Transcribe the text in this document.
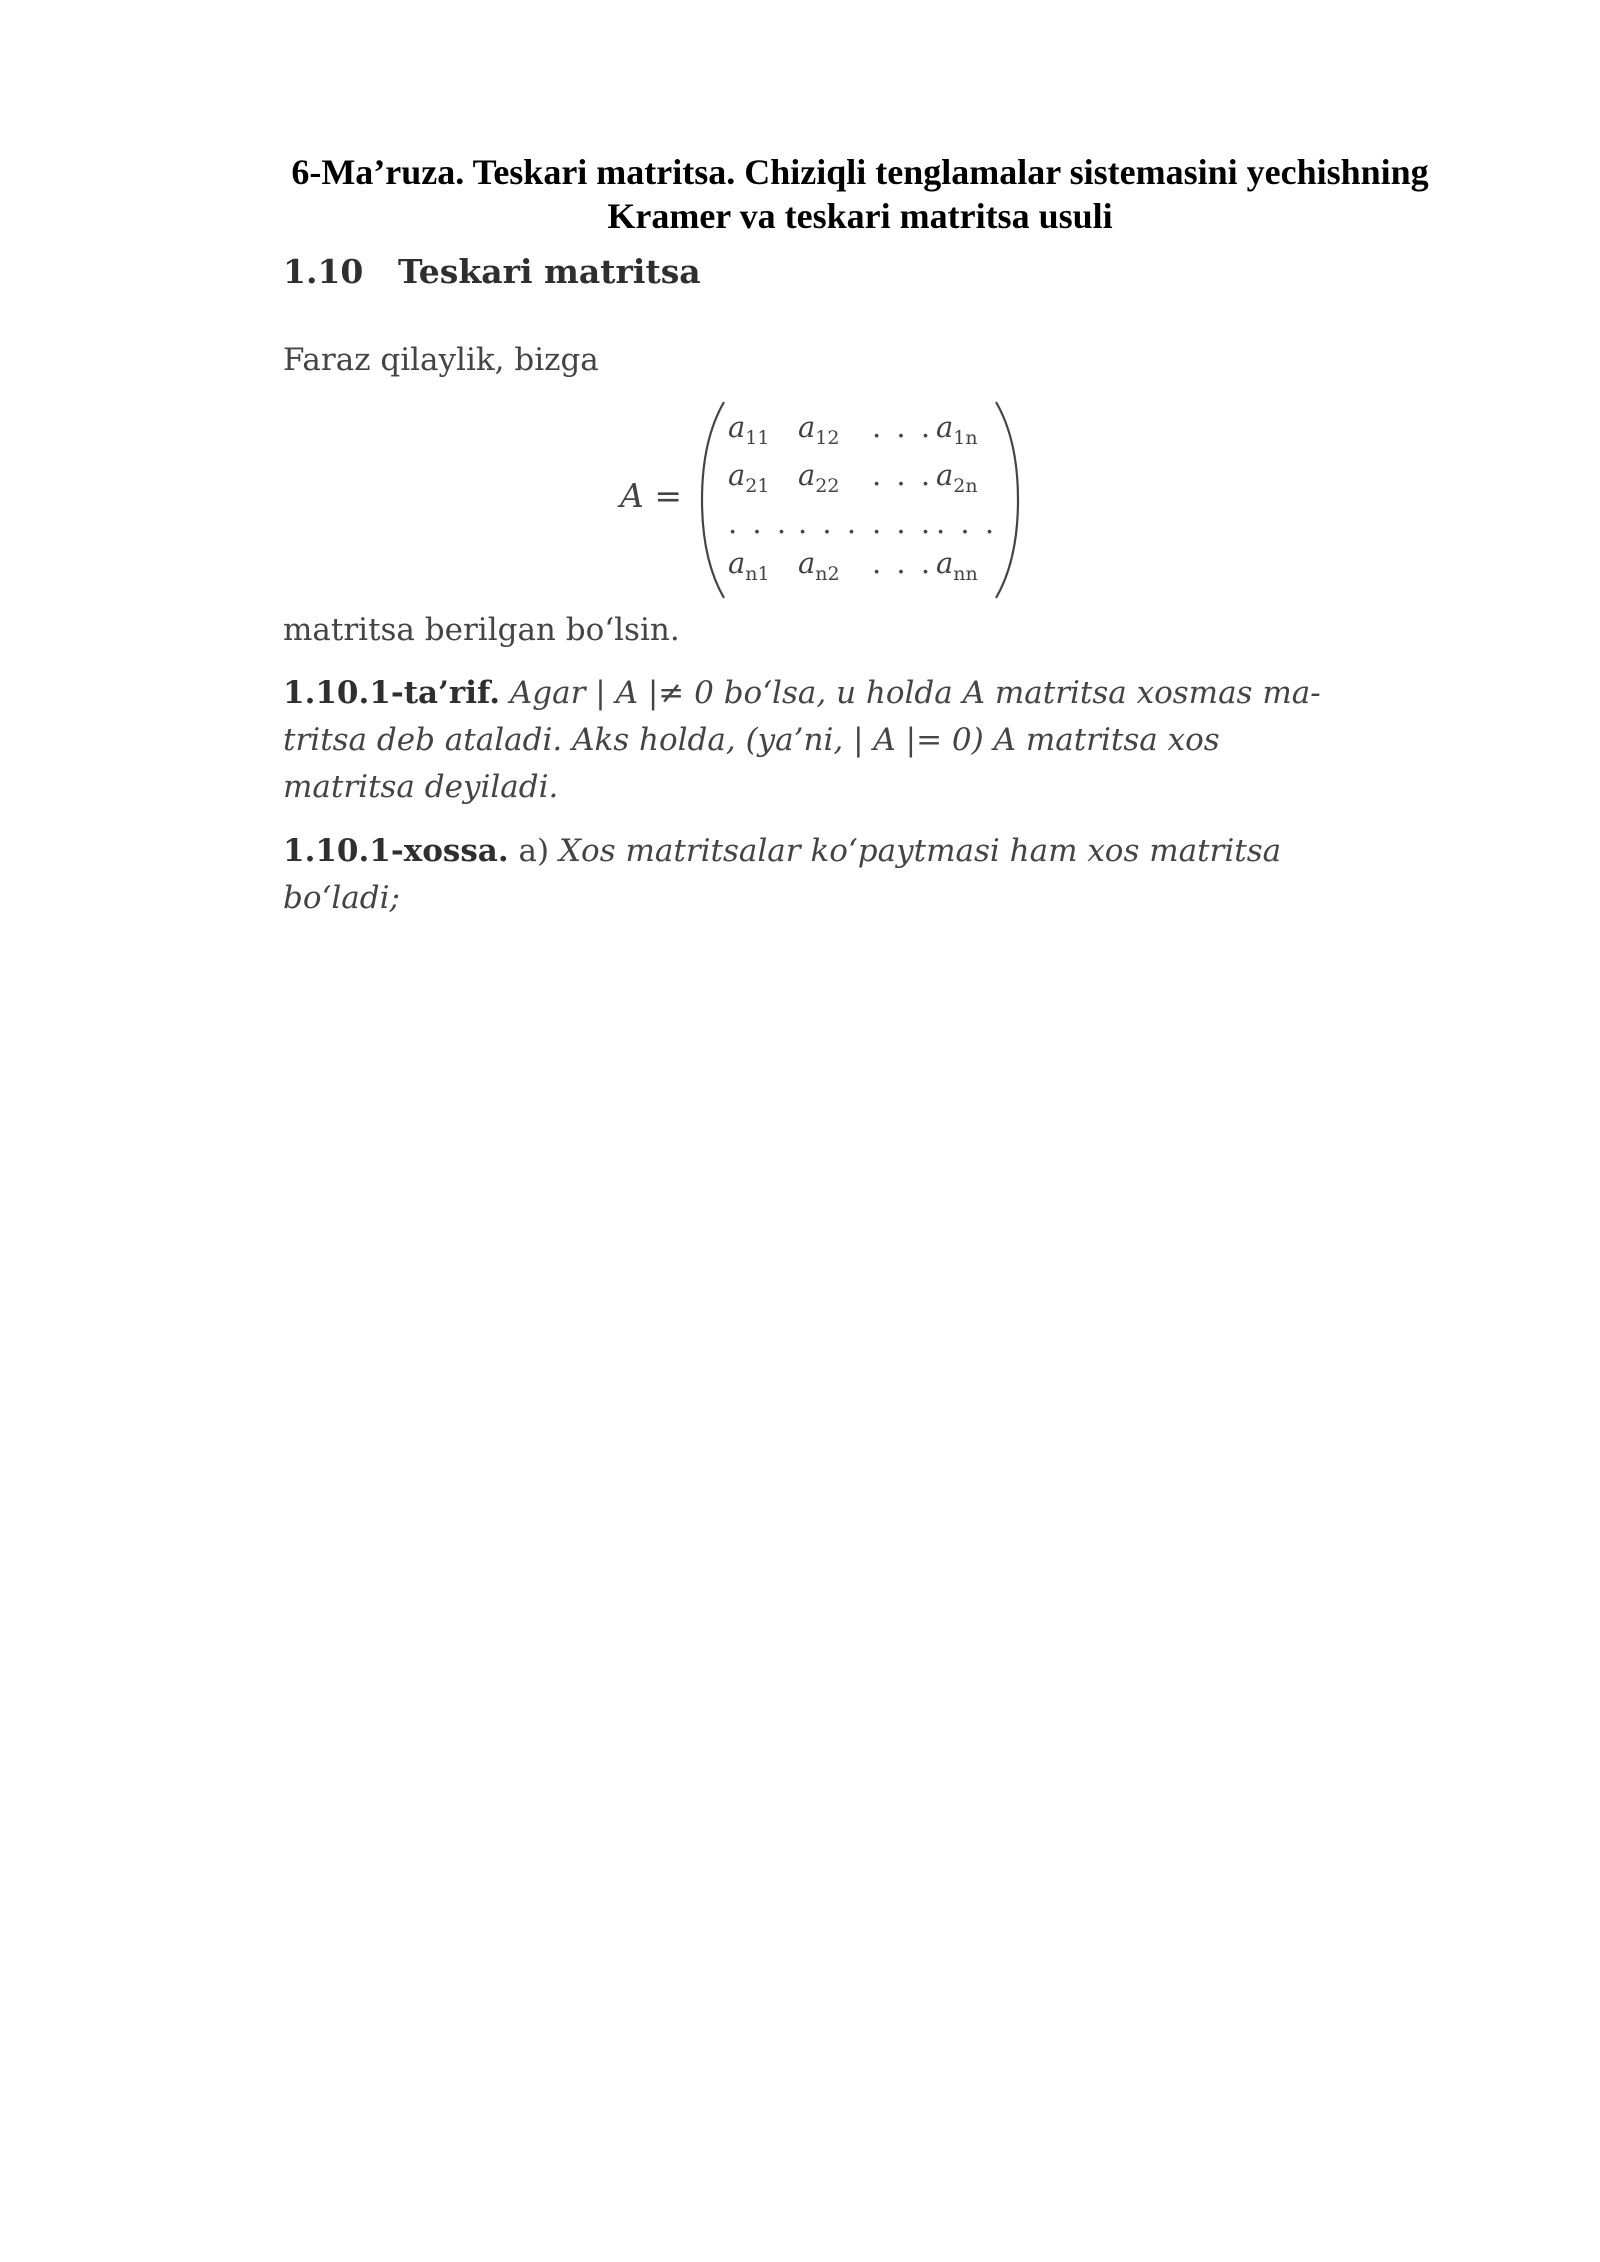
6-Ma’ruza. Teskari matritsa. Chiziqli tenglamalar sistemasini yechishning
Kramer va teskari matritsa usuli
1.10 Teskari matritsa

Faraz qilaylik, bizga

A =
$a_{11}$ $a_{12}$ . . . $a_{1n}$
$a_{21}$ $a_{22}$ . . . $a_{2n}$
. . . . . . . . . . . .
$a_{n1}$ $a_{n2}$ . . . $a_{nn}$

matritsa berilgan bo‘lsin.

1.10.1-ta’rif. Agar | A |≠ 0 bo‘lsa, u holda A matritsa xosmas ma-
tritsa deb ataladi. Aks holda, (ya’ni, | A |= 0) A matritsa xos
matritsa deyiladi.
1.10.1-xossa. a) Xos matritsalar ko‘paytmasi ham xos matritsa
bo‘ladi;
